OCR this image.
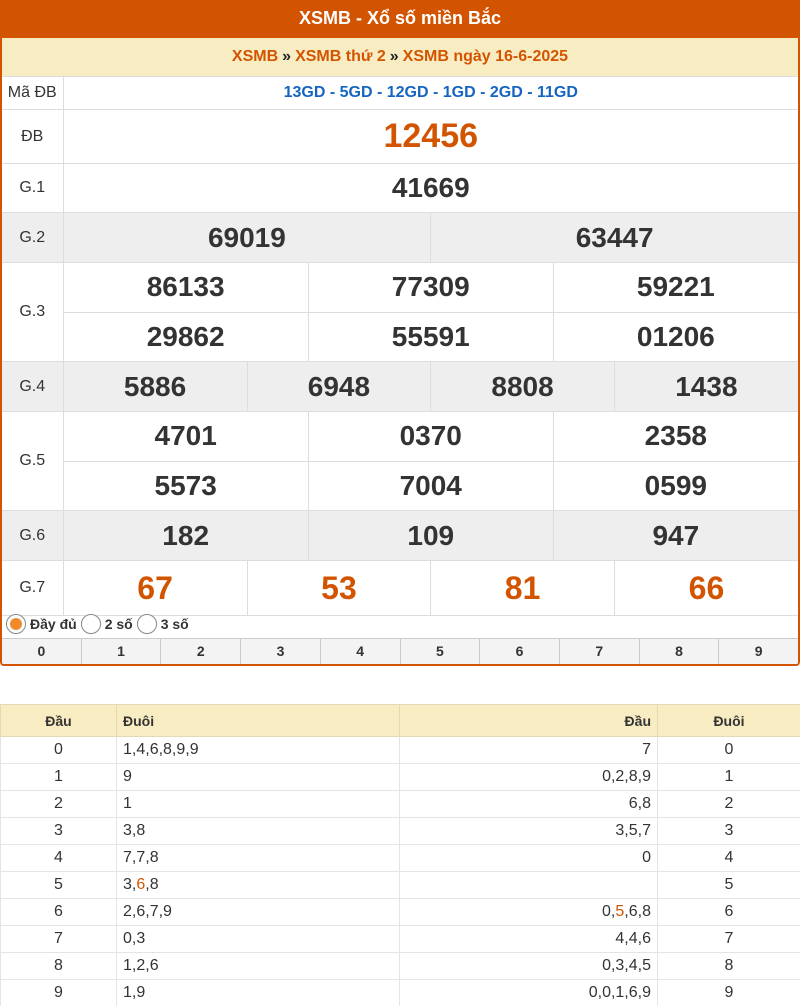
XSMB - Xổ số miền Bắc
XSMB » XSMB thứ 2 » XSMB ngày 16-6-2025
Mã ĐB	13GD - 5GD - 12GD - 1GD - 2GD - 11GD
ĐB	12456
G.1	41669
G.2		69019	63447

G.3	
86133	77309	59221
29862	55591	01206

G.4		5886	6948	8808	1438

G.5	
4701	0370	2358
5573	7004	0599

G.6		182	109	947

G.7		67	53	81	66
Đầy đủ 2 số 3 số
0	1	2	3	4	5	6	7	8	9
Đầu	Đuôi	Đầu	Đuôi
0	1,4,6,8,9,9	7	0
1	9	0,2,8,9	1
2	1	6,8	2
3	3,8	3,5,7	3
4	7,7,8	0	4
5	3,6,8		5
6	2,6,7,9	0,5,6,8	6
7	0,3	4,4,6	7
8	1,2,6	0,3,4,5	8
9	1,9	0,0,1,6,9	9
